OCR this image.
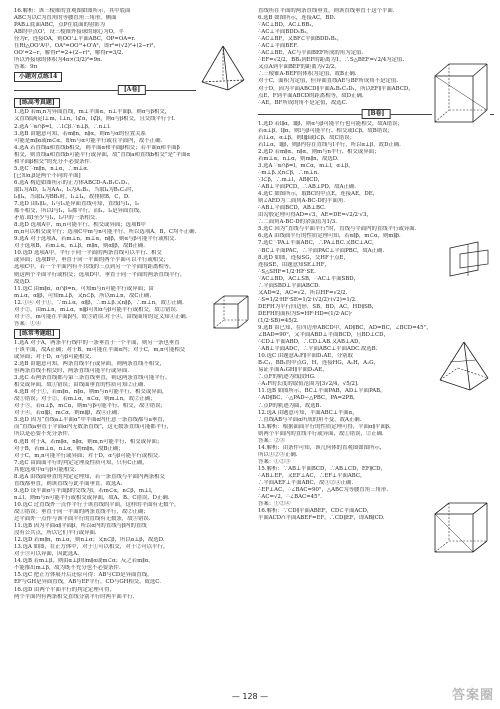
16.解析：该三棱锥的直观图如图所示，其中底面

ABC为以C为直角的等腰直角三角形，侧面

PAB⊥底面ABC，点P在底面的射影为

AB的中点O'，设三棱锥外接球的球心为O，半

径为r，连接OA，则OO'⊥平面ABC，OP=OA=r.

在Rt△OO'A中，OA²=OO'²+O'A²，即r²=(√2)²+(2−r)²，

OO'=2−r，解得r²=2+(2−r)²，解得r=3/2.

所以外接球的体积为4π×(3/2)²=9π.

答案：9π

小题对点练14

[A卷]

[练高考真题]

1.选D 若m,n为异面直线，m⊥平面α，n⊥平面β，则α与β相交，

又直线l满足l⊥m，l⊥n，l⊄α，l⊄β，则α与β相交，且交线平行于l.

2.选A ∵α∩β=l，∴l⊂β.∵n⊥β，∴n⊥l.

3.选B 由题意可知，若m∥n，n∥α，则m与α的位置关系

可能是m∥α或m⊂α，即m与α可能平行或在平面内，故不正确.

4.选A 若直线a和直线b相交，则平面α和平面β相交；若平面α和平面β

相交，则直线a和直线b可能平行或异面，故“直线a和直线b相交”是“平面α

和平面β相交”的充分不必要条件.

5.选C ∵m∥n，n⊥α，∴m⊥α.

[已知α,β是两个不同的平面]

6.选A 构造如图所示的正方体ABCD-A₁B₁C₁D₁，

取l₁为AD，l₂为AA₁，l₃为A₁B₁，当取l₄为B₁C₁时，

l₁∥l₄，当取l₄为BB₁时，l₁⊥l₄，故排除B，C，D.

7.选D 由l₁∥l₂，l₁与l₃是异面直线可知，直线l与l₁，l₂

都不相交，所以l与l₁，l₂都平行，而l₁，l₂是异面直线，

矛盾.故l至少与l₁，l₂中的一条相交.

8.选D 选项A中，m,n可能平行、相交或异面；选项B中

m,n可以相交或平行；选项C中m与n可能平行，所以选项A，B，C均不正确.

9.选A 对于选项A，若m⊥n，m⊥α，n∥β，则α与β可能平行或相交.

对于选项B，若m⊥α，n⊥β，m∥n，则α∥β，故B正确.

10.选D 选项A中，平行于同一平面的两条直线可以平行、相交

或异面；选项B中，垂直于同一平面的两个平面可以平行或相交；

选项C中，若一个平面内有不共线的三点到另一个平面的距离相等，

则这两个平面平行或相交；选项D中，垂直于同一平面的两条直线平行，

故选D.

11.选C 由m∥α，α∩β=n，可知m与n可能平行或异面；由

m⊥α，α∥β，可知m⊥β，又n⊂β，所以m⊥n，故C正确.

12.①④ 对于①，∵m⊥α，α∥β，∴m⊥β.又n∥β，∴m⊥n，故①正确.

对于②，由m⊥n，m⊥α，n∥β可知α与β可能平行或相交，故②错误.

对于③，m可能在平面β内，故③错误.对于④，由线面角的定义知④正确.

答案：①④

[练常考题组]

1.选A 对于A，两条平行线中的一条垂直于一个平面，则另一条也垂直

于该平面，故A正确；对于B，m可能在平面α内；对于C，m,n可能相交

或异面；对于D，α与β可能相交.

2.选B 由题意可知，两条直线平行或异面，则两条直线不相交，

但两条直线不相交时，两条直线可能平行或异面.

3.选C 若两条直线都与第三条直线垂直，则这两条直线可能平行、

相交或异面，故①错误；由线面垂直的性质可知②正确.

4.选B 对于①，若m∥α，n∥α，则m与n可能平行、相交或异面，

故①错误；对于②，若m⊥α，n⊂α，则m⊥n，故②正确；

对于③，若α⊥β，m⊂α，则m与β可能平行、相交，故③错误；

对于④，若α∥β，m⊂α，则m∥β，故④正确.

5.选D 因为“直线a⊥平面α”中平面α内任意一条直线都与a垂直，

而“直线a垂直于平面α内无数条直线”，这无数条直线可能都平行，

所以是必要不充分条件.

6.选B 对于A，若m∥α，n∥α，则m,n可能平行、相交或异面；

对于B，若m⊥α，n⊥α，则m∥n，故B正确；

对于C，m,n可能平行或异面；对于D，α与β可能平行或相交.

7.选C 由面面平行的判定定理及性质可知，只有C正确，

其他选项中α与β可能相交.

8.选A 由线面垂直的判定定理知，若一条直线与平面内两条相交

直线都垂直，则该直线与此平面垂直，故选A.

9.选D 设平面α与平面β的交线为l，若m⊂α，n⊂β，m⊥l，

n⊥l，则m与n可能平行或相交或异面，故A、B、C错误，D正确.

10.选C 过直线外一点作平行于该直线的平面，这样的平面有无数个，

故①错误；垂直于同一平面的两条直线平行，故②正确；

过平面外一点作与该平面平行的直线有无数条，故③错误.

11.选B 因为平面α∥平面β，所以α内的直线与β内的直线

没有公共点，所以它们平行或异面.

12.选D 若m∥n，m⊥α，则n⊥α；又n⊂β，所以α⊥β，故选D.

13.选A 如图，在正方体中，对于①可以相交，对于②可以平行，

对于③可以异面，因此选A.

14.选B 若m⊥β，则由α⊥β知m∥α或m⊂α；反之若m∥α，

不能推出m⊥β，故为既不充分也不必要条件.

15.选C 把正方体展开后还原可得：AB与CD是异面直线，

EF与GH是异面直线，AB与EF平行，CD与GH相交，故选C.

16.选D 由两个平面平行的判定定理可得，

两个平面内有两条相交直线分别平行时两平面平行.

直线所在平面的两条直线垂直，则该直线垂直于这个平面.

6.选B 如图所示，连接AC，BD.

∵AC⊥BD，AC⊥BB₁，

∴AC⊥平面BDD₁B₁，

∴AC⊥BF，又BF⊂平面BDD₁B₁，

∴AC⊥平面BEF.

∴AC⊥BE，AC与平面BEF所成的角为定值.

∴EF=√2/2，BB₁到EF的距离为1，∴S△BEF=√2/4为定值.

又点A到平面BEF的距离为√2/2，

∴三棱锥A-BEF的体积为定值，故B正确.

对于C，面积为定值，但异面直线AE与BF所成角不是定值.

对于D，因为平面ABCD∥平面A₁B₁C₁D₁，所以EF∥平面ABCD，

点E，F到平面ABCD的距离相等，故D正确.

∴AE，BF所成的角不是定值，故选C.

[B卷]

1.选D 若l∥α，l∥β，则α与β可能平行也可能相交，故A错误；

若α⊥β，l∥α，则l与β可能平行、相交或l⊂β，故B错误；

若l⊥α，α⊥β，则l∥β或l⊂β，故C错误；

若l⊥α，l∥β，则β内存在直线与l平行，所以α⊥β，故D正确.

2.选D 若m∥α，n∥α，则m与n平行、相交或异面；

若m⊥α，n⊥α，则m∥n，故选D.

3.选A ∵α∩β=l，m⊂α，m⊥l，α⊥β，

∴m⊥β.又n⊂β，∴m⊥n.

∵l⊂β，∴m⊥l，AB∥CD，

∴AB⊥平面PCD，∴AB⊥PD，故A正确.

4.选C 如图所示，取BC的中点E，连接AE，DE，

则∠AED为二面角A-BC-D的平面角.

∴AB⊥平面BCD，AB⊥BC.

由勾股定理可得AD=√3，AE=DE=√2/2·√3，

∴二面角A-BC-D的余弦值为1/3.

5.选C 因为“直线与平面平行”时，直线与平面内的直线平行或异面.

6.选A 由线面平行的性质定理可知，若α∥β，m⊂α，则m∥β.

7.选C ∵PA⊥平面ABC，∴PA⊥BC.又BC⊥AC，

∴BC⊥平面PAC，∴平面PAC⊥平面PBC，故A正确.

8.选D 如图，连接SG，交HF于点E，

连接SE，由题意知SE⊥HF，

∴S△SHF=1/2·HF·SE.

∵AC⊥BD，AC⊥SB，∴AC⊥平面SBD，

∴平面SBD⊥平面ABCD.

又AD=2，AC=√2，所以HF=√2/2.

∴S=1/2·HF·SE=1/2·(√2/2)·(√2)=1/2.

DEFH为平行四边形，SB，BD，AC，HD∥SB，

DEFH的面积为S=HF·HD=(1/2·AC)·

(1/2·SB)=45/2.

9.选B 由已知，在四边形ABCD中，AD∥BC，AD=BC，∠BCD=45°，

∠BAD=90°，又平面ABD⊥平面BCD，且BD⊥CD，

∴CD⊥平面ABD，∴CD⊥AB.又AB⊥AD，

∴AB⊥平面ADC，∴平面ABC⊥平面ADC.故选B.

10.选C 由题意A₁F∥平面D₁AE，分别取

B₁C₁，BB₁的中点G，H，连接HG，A₁H，A₁G，

易证平面A₁GH∥平面D₁AE，

∴点F的轨迹为线段HG.

∴A₁F的长度的取值范围为[3√2/4，√5/2].

11.选B 如图所示，BC⊥平面PAB，AD⊥平面PAB，

∴AD∥BC，∴△PAD∽△PBC，PA=2PB，

∴点P的轨迹为圆，故选B.

12.选A 由题意可知，平面ABC⊥平面α，

∴直线AB与平面α所成的角不变，故A正确.

13.解析：根据面面平行的性质定理可得，平面α∥平面β，

则两个平面内的直线平行或异面，故①错误，②正确.

答案：②③

14.解析：由条件可知，该几何体的直观图如图所示，

所以①②③正确.

答案：①②③

15.解析：∵AB⊥平面BCD，∴AB⊥CD，EF∥CD，

∴AB⊥EF，又EF⊥AC，∴EF⊥平面ABC，

∴平面AEF⊥平面ABC，故①②④正确.

∴EF⊥AC，∴∠BAC=90°，△ABC为等腰直角三角形.

∴AC=√2，∴∠BAC=45°.

答案：①②④

16.解析：∵CD∥平面ABEF，CD⊂平面ACD，

平面ACD∩平面ABEF=EF，∴CD∥EF，即AB∥CD.

— 128 —	答案圈
